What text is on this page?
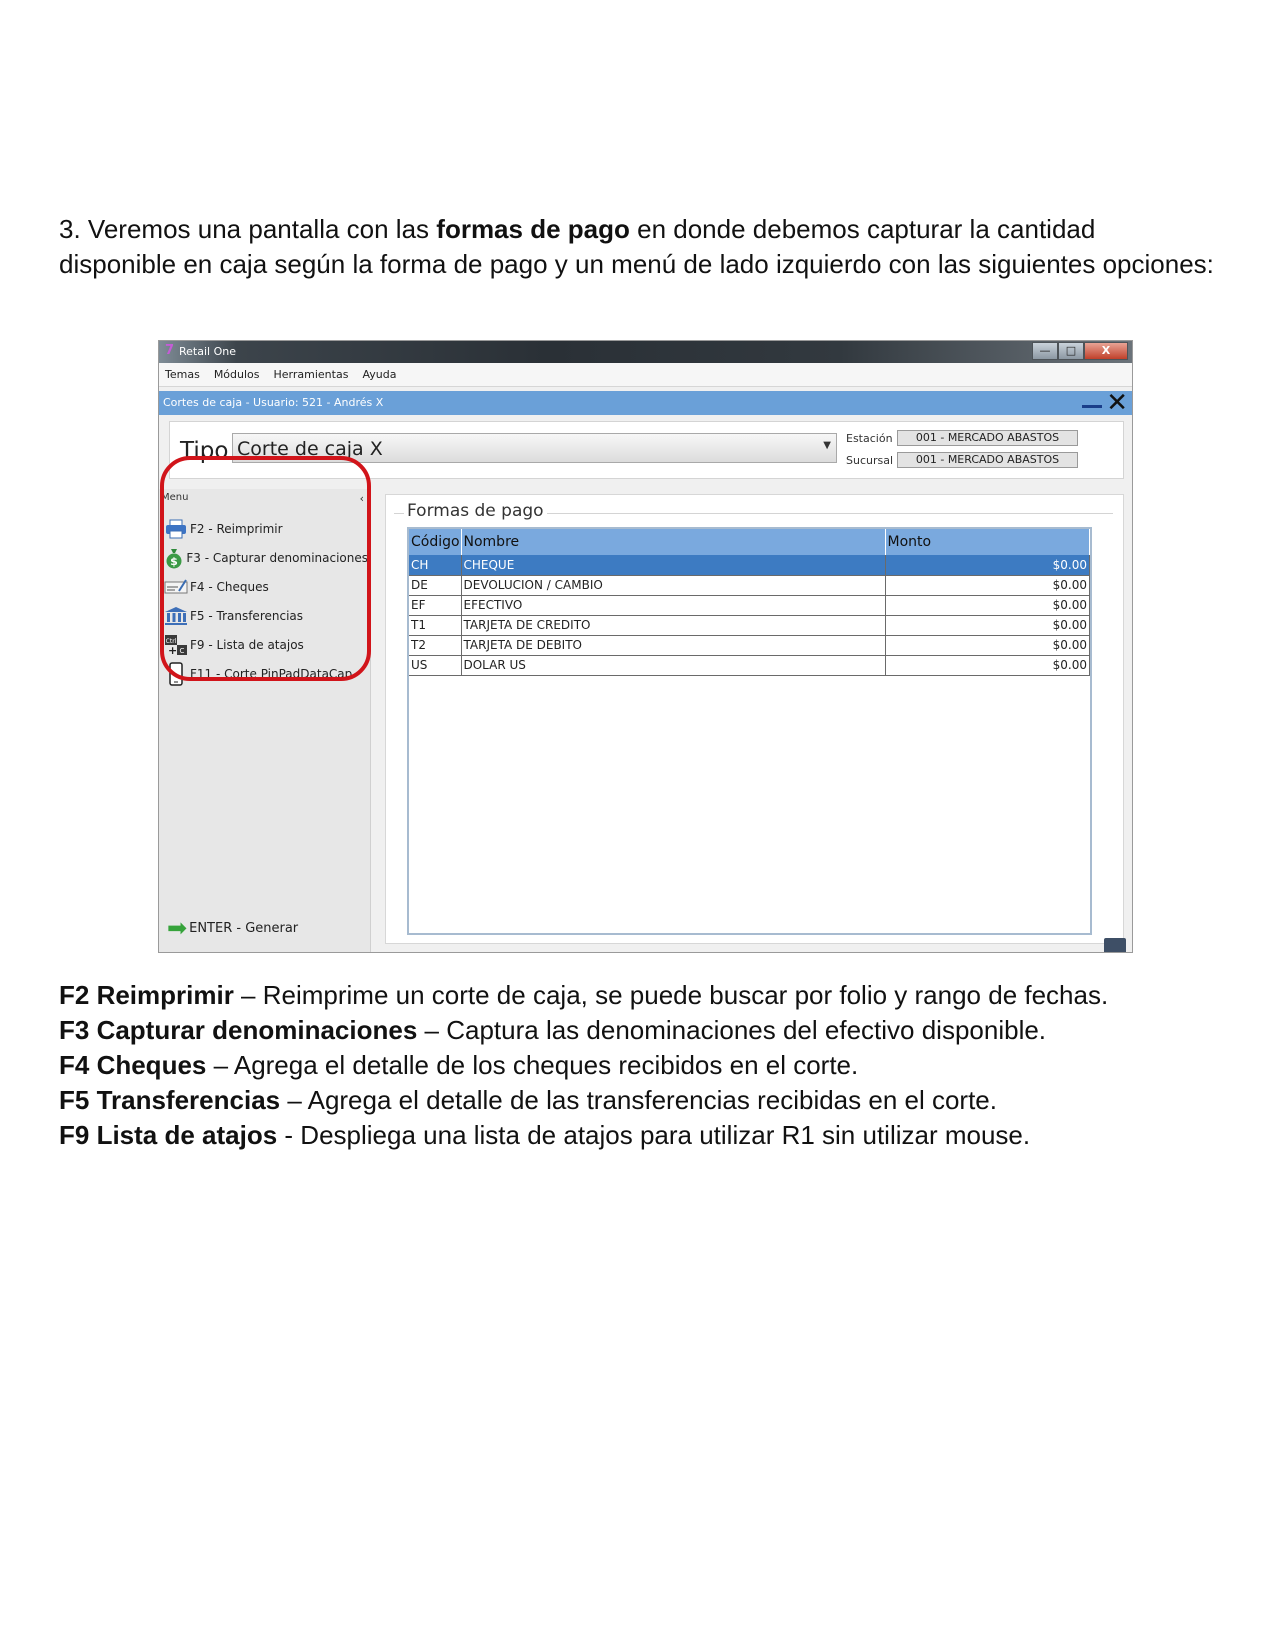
3. Veremos una pantalla con las formas de pago en donde debemos capturar la cantidad disponible en caja según la forma de pago y un menú de lado izquierdo con las siguientes opciones:
7 Retail One	—	□	X
Temas Módulos Herramientas Ayuda
Cortes de caja - Usuario: 521 - Andrés X	✕
Tipo Corte de caja X	▼
Estación	001 - MERCADO ABASTOS
Sucursal	001 - MERCADO ABASTOS
Menu	‹
F2 - Reimprimir
$ F3 - Capturar denominaciones
F4 - Cheques
F5 - Transferencias
Ctrl
+ C F9 - Lista de atajos
F11 - Corte PinPadDataCap
➡ ENTER - Generar
Formas de pago
Código	Nombre	Monto
CH	CHEQUE	$0.00
DE	DEVOLUCION / CAMBIO	$0.00
EF	EFECTIVO	$0.00
T1	TARJETA DE CREDITO	$0.00
T2	TARJETA DE DEBITO	$0.00
US	DOLAR US	$0.00

F2 Reimprimir – Reimprime un corte de caja, se puede buscar por folio y rango de fechas.

F3 Capturar denominaciones – Captura las denominaciones del efectivo disponible.

F4 Cheques – Agrega el detalle de los cheques recibidos en el corte.

F5 Transferencias – Agrega el detalle de las transferencias recibidas en el corte.

F9 Lista de atajos - Despliega una lista de atajos para utilizar R1 sin utilizar mouse.
